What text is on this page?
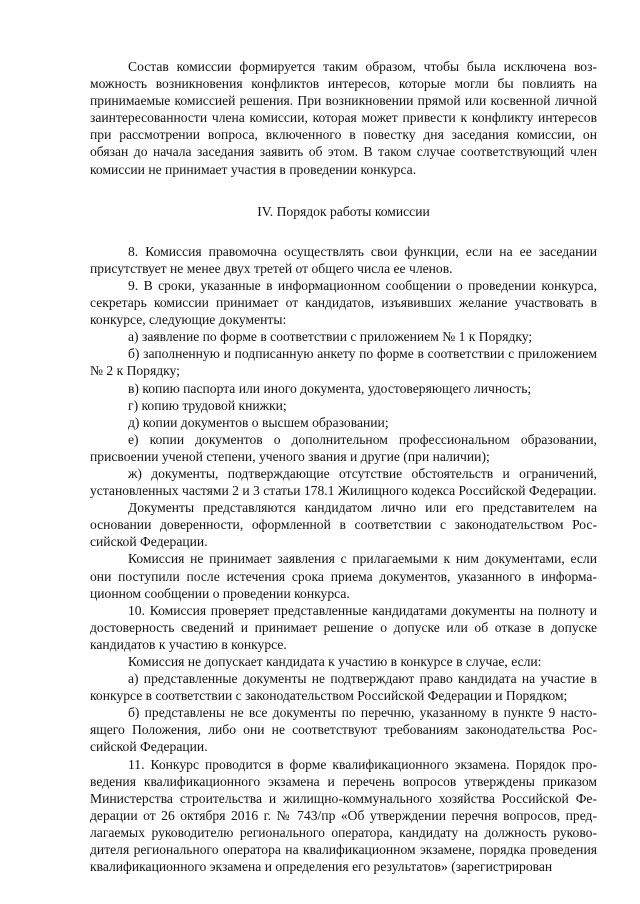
Состав комиссии формируется таким образом, чтобы была исключена возможность возникновения конфликтов интересов, которые могли бы повлиять на принимаемые комиссией решения. При возникновении прямой или косвенной личной заинтересованности члена комиссии, которая может привести к конфликту интересов при рассмотрении вопроса, включенного в повестку дня заседания комиссии, он обязан до начала заседания заявить об этом. В таком случае соответствующий член комиссии не принимает участия в проведении конкурса.

IV. Порядок работы комиссии

8. Комиссия правомочна осуществлять свои функции, если на ее заседании присутствует не менее двух третей от общего числа ее членов.

9. В сроки, указанные в информационном сообщении о проведении конкурса, секретарь комиссии принимает от кандидатов, изъявивших желание участвовать в конкурсе, следующие документы:

а) заявление по форме в соответствии с приложением № 1 к Порядку;

б) заполненную и подписанную анкету по форме в соответствии с приложением № 2 к Порядку;

в) копию паспорта или иного документа, удостоверяющего личность;

г) копию трудовой книжки;

д) копии документов о высшем образовании;

е) копии документов о дополнительном профессиональном образовании, присвоении ученой степени, ученого звания и другие (при наличии);

ж) документы, подтверждающие отсутствие обстоятельств и ограничений, установленных частями 2 и 3 статьи 178.1 Жилищного кодекса Российской Федерации.

Документы представляются кандидатом лично или его представителем на основании доверенности, оформленной в соответствии с законодательством Российской Федерации.

Комиссия не принимает заявления с прилагаемыми к ним документами, если они поступили после истечения срока приема документов, указанного в информационном сообщении о проведении конкурса.

10. Комиссия проверяет представленные кандидатами документы на полноту и достоверность сведений и принимает решение о допуске или об отказе в допуске кандидатов к участию в конкурсе.

Комиссия не допускает кандидата к участию в конкурсе в случае, если:

а) представленные документы не подтверждают право кандидата на участие в конкурсе в соответствии с законодательством Российской Федерации и Порядком;

б) представлены не все документы по перечню, указанному в пункте 9 настоящего Положения, либо они не соответствуют требованиям законодательства Российской Федерации.

11. Конкурс проводится в форме квалификационного экзамена. Порядок проведения квалификационного экзамена и перечень вопросов утверждены приказом Министерства строительства и жилищно-коммунального хозяйства Российской Федерации от 26 октября 2016 г. № 743/пр «Об утверждении перечня вопросов, предлагаемых руководителю регионального оператора, кандидату на должность руководителя регионального оператора на квалификационном экзамене, порядка проведения квалификационного экзамена и определения его результатов» (зарегистрирован
